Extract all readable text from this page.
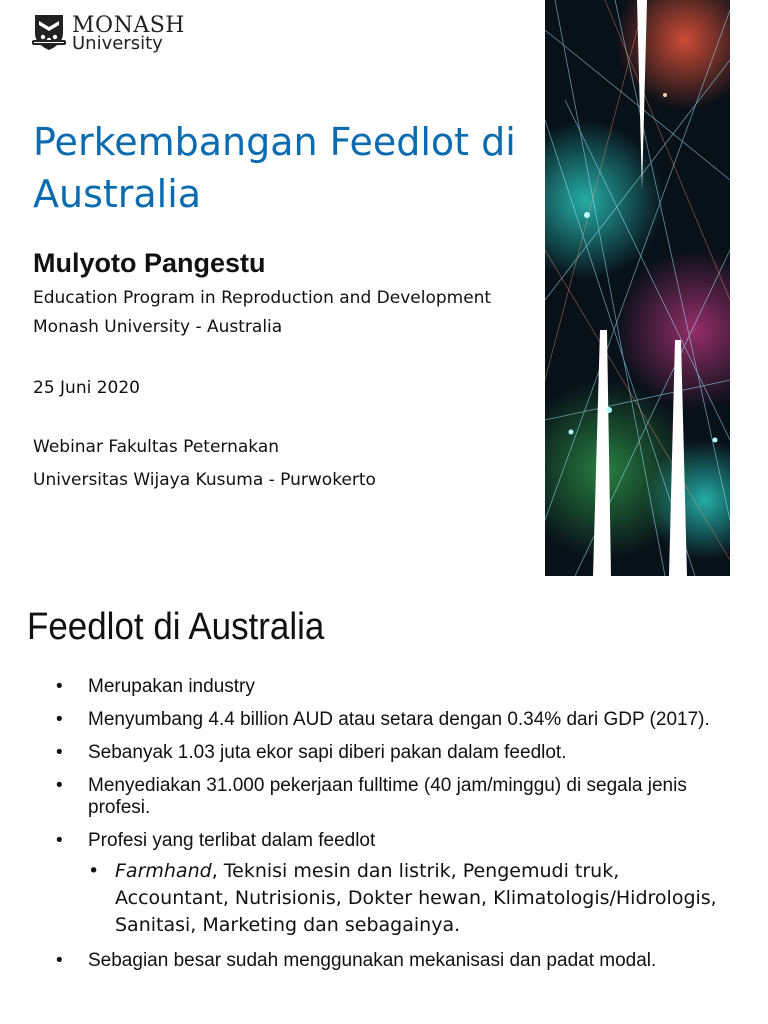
MONASH
University
Perkembangan Feedlot di Australia
Mulyoto Pangestu
Education Program in Reproduction and Development
Monash University - Australia
25 Juni 2020
Webinar Fakultas Peternakan
Universitas Wijaya Kusuma - Purwokerto
Feedlot di Australia
• Merupakan industry
• Menyumbang 4.4 billion AUD atau setara dengan 0.34% dari GDP (2017).
• Sebanyak 1.03 juta ekor sapi diberi pakan dalam feedlot.
• Menyediakan 31.000 pekerjaan fulltime (40 jam/minggu) di segala jenis profesi.
• Profesi yang terlibat dalam feedlot
• Farmhand, Teknisi mesin dan listrik, Pengemudi truk, Accountant, Nutrisionis, Dokter hewan, Klimatologis/Hidrologis, Sanitasi, Marketing dan sebagainya.
• Sebagian besar sudah menggunakan mekanisasi dan padat modal.
